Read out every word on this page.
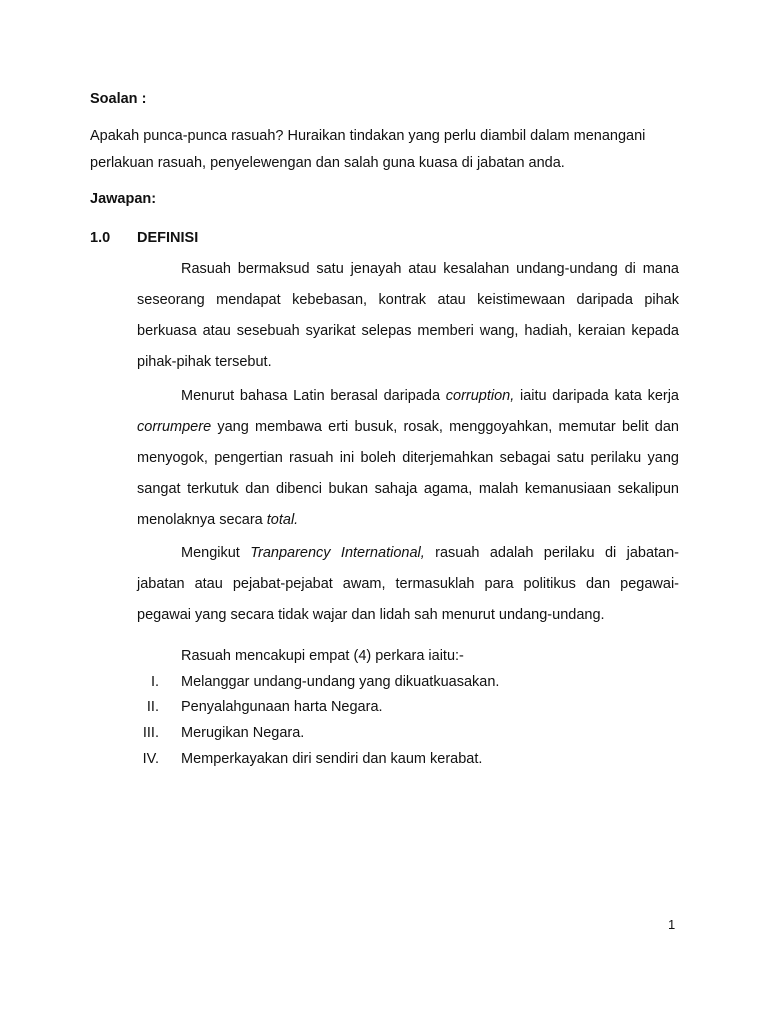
Soalan :

Apakah punca-punca rasuah? Huraikan tindakan yang perlu diambil dalam menangani perlakuan rasuah, penyelewengan dan salah guna kuasa di jabatan anda.

Jawapan:

1.0 DEFINISI

Rasuah bermaksud satu jenayah atau kesalahan undang-undang di mana seseorang mendapat kebebasan, kontrak atau keistimewaan daripada pihak berkuasa atau sesebuah syarikat selepas memberi wang, hadiah, keraian kepada pihak-pihak tersebut.

Menurut bahasa Latin berasal daripada corruption, iaitu daripada kata kerja corrumpere yang membawa erti busuk, rosak, menggoyahkan, memutar belit dan menyogok, pengertian rasuah ini boleh diterjemahkan sebagai satu perilaku yang sangat terkutuk dan dibenci bukan sahaja agama, malah kemanusiaan sekalipun menolaknya secara total.

Mengikut Tranparency International, rasuah adalah perilaku di jabatan-jabatan atau pejabat-pejabat awam, termasuklah para politikus dan pegawai-pegawai yang secara tidak wajar dan lidah sah menurut undang-undang.

Rasuah mencakupi empat (4) perkara iaitu:-

I. Melanggar undang-undang yang dikuatkuasakan.
II. Penyalahgunaan harta Negara.
III. Merugikan Negara.
IV. Memperkayakan diri sendiri dan kaum kerabat.
1
